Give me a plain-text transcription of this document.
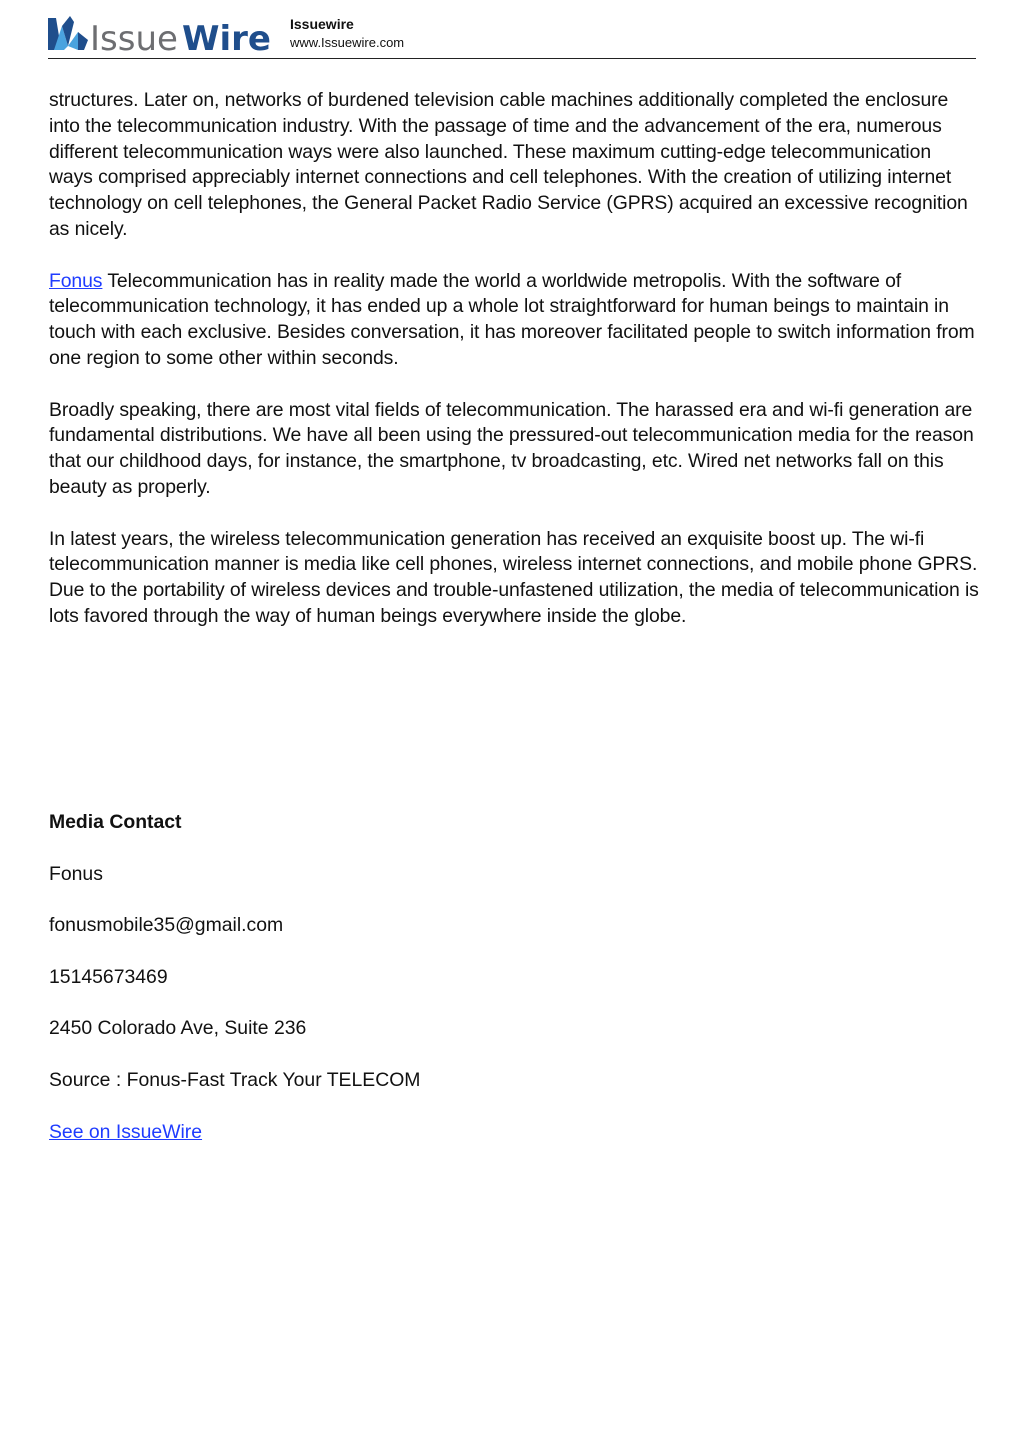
Issue Wire Issuewire
www.Issuewire.com

structures. Later on, networks of burdened television cable machines additionally completed the enclosure into the telecommunication industry. With the passage of time and the advancement of the era, numerous different telecommunication ways were also launched. These maximum cutting-edge telecommunication ways comprised appreciably internet connections and cell telephones. With the creation of utilizing internet technology on cell telephones, the General Packet Radio Service (GPRS) acquired an excessive recognition as nicely.

Fonus Telecommunication has in reality made the world a worldwide metropolis. With the software of telecommunication technology, it has ended up a whole lot straightforward for human beings to maintain in touch with each exclusive. Besides conversation, it has moreover facilitated people to switch information from one region to some other within seconds.

Broadly speaking, there are most vital fields of telecommunication. The harassed era and wi-fi generation are fundamental distributions. We have all been using the pressured-out telecommunication media for the reason that our childhood days, for instance, the smartphone, tv broadcasting, etc. Wired net networks fall on this beauty as properly.

In latest years, the wireless telecommunication generation has received an exquisite boost up. The wi-fi telecommunication manner is media like cell phones, wireless internet connections, and mobile phone GPRS. Due to the portability of wireless devices and trouble-unfastened utilization, the media of telecommunication is lots favored through the way of human beings everywhere inside the globe.

Media Contact
Fonus
fonusmobile35@gmail.com
15145673469
2450 Colorado Ave, Suite 236
Source : Fonus-Fast Track Your TELECOM
See on IssueWire
